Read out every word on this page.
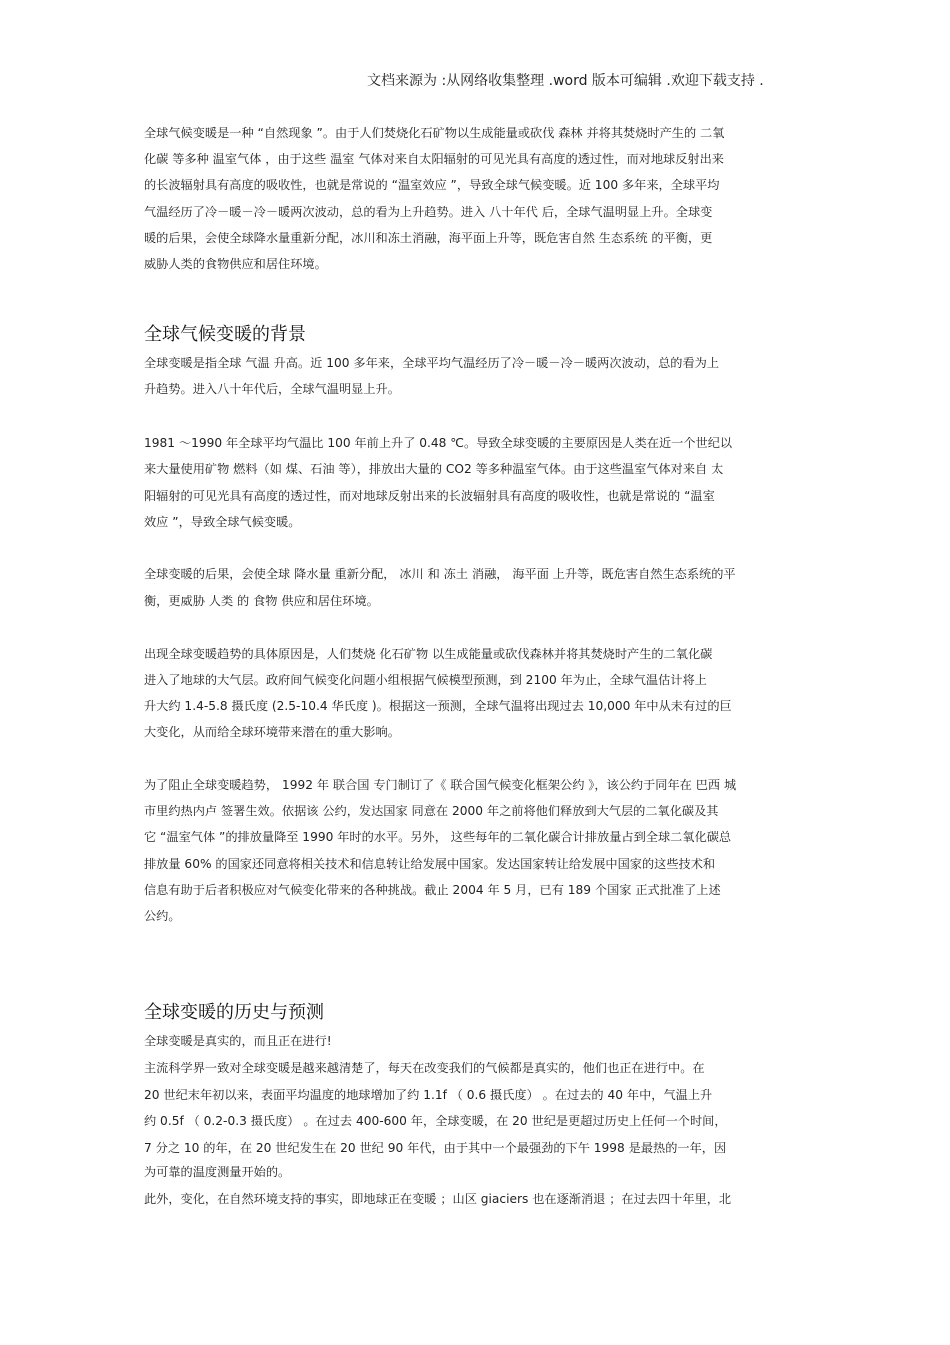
文档来源为 :从网络收集整理 .word 版本可编辑 .欢迎下载支持 .
全球气候变暖是一种 “自然现象 ”。由于人们焚烧化石矿物以生成能量或砍伐 森林 并将其焚烧时产生的 二氧
化碳 等多种 温室气体 ，由于这些 温室 气体对来自太阳辐射的可见光具有高度的透过性，而对地球反射出来
的长波辐射具有高度的吸收性，也就是常说的 “温室效应 ”，导致全球气候变暖。近 100 多年来，全球平均
气温经历了冷－暖－冷－暖两次波动，总的看为上升趋势。进入 八十年代 后，全球气温明显上升。全球变
暖的后果，会使全球降水量重新分配，冰川和冻土消融，海平面上升等，既危害自然 生态系统 的平衡，更
威胁人类的食物供应和居住环境。
全球气候变暖的背景
全球变暖是指全球 气温 升高。近 100 多年来，全球平均气温经历了冷－暖－冷－暖两次波动，总的看为上
升趋势。进入八十年代后，全球气温明显上升。
1981 ～1990 年全球平均气温比 100 年前上升了 0.48 ℃。导致全球变暖的主要原因是人类在近一个世纪以
来大量使用矿物 燃料（如 煤、石油 等），排放出大量的 CO2 等多种温室气体。由于这些温室气体对来自 太
阳辐射的可见光具有高度的透过性，而对地球反射出来的长波辐射具有高度的吸收性，也就是常说的 “温室
效应 ”，导致全球气候变暖。
全球变暖的后果，会使全球 降水量 重新分配， 冰川 和 冻土 消融， 海平面 上升等，既危害自然生态系统的平
衡，更威胁 人类 的 食物 供应和居住环境。
出现全球变暖趋势的具体原因是，人们焚烧 化石矿物 以生成能量或砍伐森林并将其焚烧时产生的二氧化碳
进入了地球的大气层。政府间气候变化问题小组根据气候模型预测，到 2100 年为止，全球气温估计将上
升大约 1.4-5.8 摄氏度 (2.5-10.4 华氏度 )。根据这一预测，全球气温将出现过去 10,000 年中从未有过的巨
大变化，从而给全球环境带来潜在的重大影响。
为了阻止全球变暖趋势， 1992 年 联合国 专门制订了《 联合国气候变化框架公约 》，该公约于同年在 巴西 城
市里约热内卢 签署生效。依据该 公约，发达国家 同意在 2000 年之前将他们释放到大气层的二氧化碳及其
它 “温室气体 ”的排放量降至 1990 年时的水平。另外， 这些每年的二氧化碳合计排放量占到全球二氧化碳总
排放量 60% 的国家还同意将相关技术和信息转让给发展中国家。发达国家转让给发展中国家的这些技术和
信息有助于后者积极应对气候变化带来的各种挑战。截止 2004 年 5 月，已有 189 个国家 正式批准了上述
公约。
全球变暖的历史与预测
全球变暖是真实的，而且正在进行!
主流科学界一致对全球变暖是越来越清楚了，每天在改变我们的气候都是真实的，他们也正在进行中。在
20 世纪末年初以来，表面平均温度的地球增加了约 1.1f （ 0.6 摄氏度） 。在过去的 40 年中，气温上升
约 0.5f （ 0.2-0.3 摄氏度） 。在过去 400-600 年，全球变暖，在 20 世纪是更超过历史上任何一个时间，
7 分之 10 的年，在 20 世纪发生在 20 世纪 90 年代，由于其中一个最强劲的下午 1998 是最热的一年，因
为可靠的温度测量开始的。
此外，变化，在自然环境支持的事实，即地球正在变暖 ；山区 giaciers 也在逐渐消退 ；在过去四十年里，北
